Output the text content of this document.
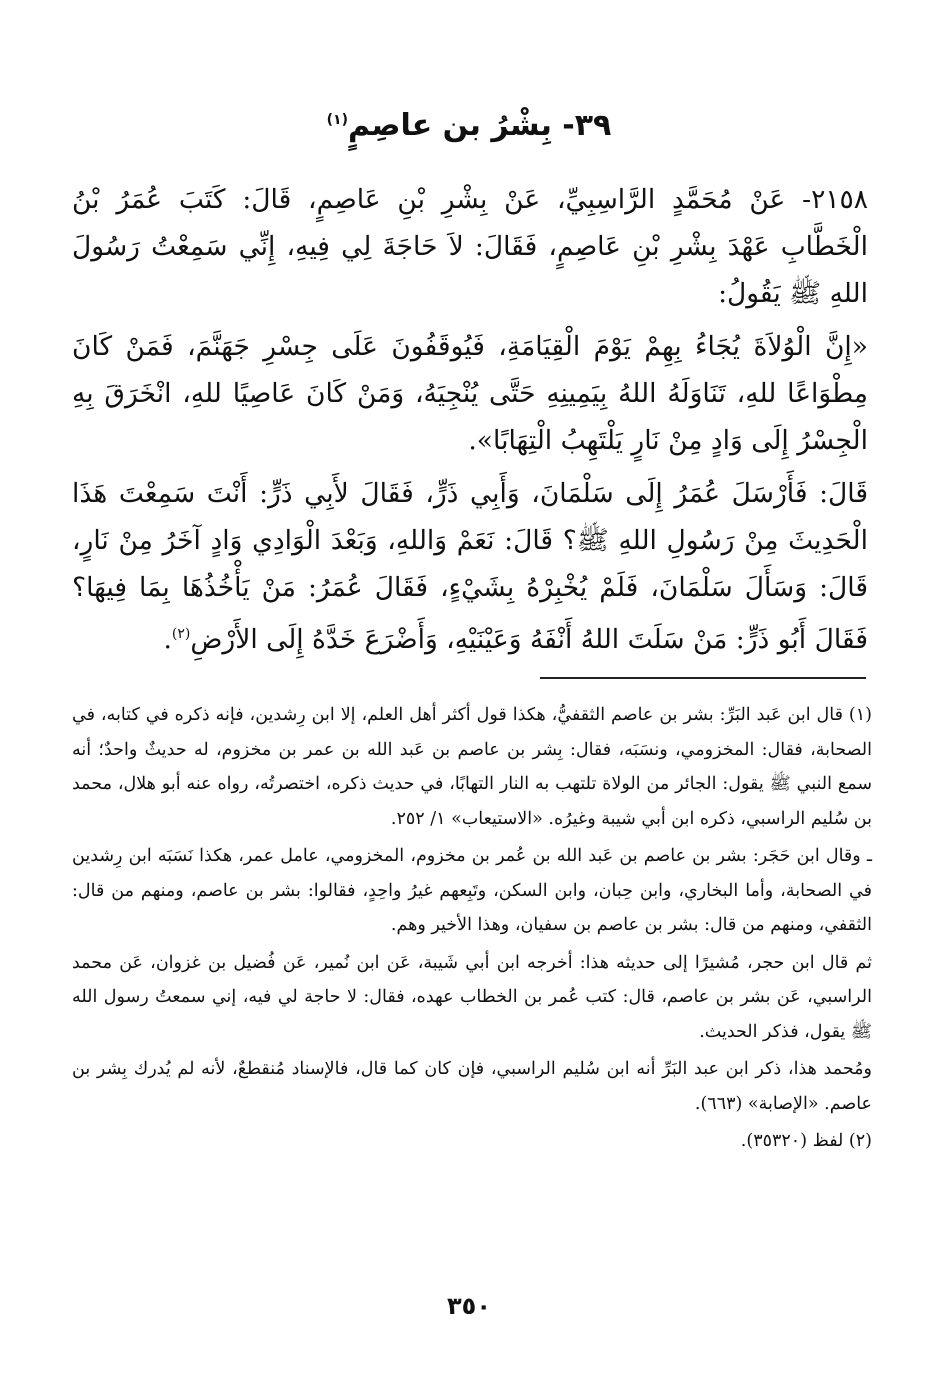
٣٩- بِشْرُ بن عاصِمٍ$^{(١)}$

٢١٥٨- عَنْ مُحَمَّدٍ الرَّاسِبِيِّ، عَنْ بِشْرِ بْنِ عَاصِمٍ، قَالَ: كَتَبَ عُمَرُ بْنُ الْخَطَّابِ عَهْدَ بِشْرِ بْنِ عَاصِمٍ، فَقَالَ: لاَ حَاجَةَ لِي فِيهِ، إِنِّي سَمِعْتُ رَسُولَ اللهِ ﷺ يَقُولُ:

«إِنَّ الْوُلاَةَ يُجَاءُ بِهِمْ يَوْمَ الْقِيَامَةِ، فَيُوقَفُونَ عَلَى جِسْرِ جَهَنَّمَ، فَمَنْ كَانَ مِطْوَاعًا للهِ، تَنَاوَلَهُ اللهُ بِيَمِينِهِ حَتَّى يُنْجِيَهُ، وَمَنْ كَانَ عَاصِيًا للهِ، انْخَرَقَ بِهِ الْجِسْرُ إِلَى وَادٍ مِنْ نَارٍ يَلْتَهِبُ الْتِهَابًا».

قَالَ: فَأَرْسَلَ عُمَرُ إِلَى سَلْمَانَ، وَأَبِي ذَرٍّ، فَقَالَ لأَبِي ذَرٍّ: أَنْتَ سَمِعْتَ هَذَا الْحَدِيثَ مِنْ رَسُولِ اللهِ ﷺ؟ قَالَ: نَعَمْ وَاللهِ، وَبَعْدَ الْوَادِي وَادٍ آخَرُ مِنْ نَارٍ، قَالَ: وَسَأَلَ سَلْمَانَ، فَلَمْ يُخْبِرْهُ بِشَيْءٍ، فَقَالَ عُمَرُ: مَنْ يَأْخُذُهَا بِمَا فِيهَا؟ فَقَالَ أَبُو ذَرٍّ: مَنْ سَلَتَ اللهُ أَنْفَهُ وَعَيْنَيْهِ، وَأَضْرَعَ خَدَّهُ إِلَى الأَرْضِ$^{(٢)}$.

(١) قال ابن عَبد البَرِّ: بشر بن عاصم الثقفيُّ، هكذا قول أكثر أهل العلم، إلا ابن رِشدين، فإنه ذكره في كتابه، في الصحابة، فقال: المخزومي، ونسَبَه، فقال: بِشر بن عاصم بن عَبد الله بن عمر بن مخزوم، له حديثٌ واحدٌ؛ أنه سمع النبي ﷺ يقول: الجائر من الولاة تلتهب به النار التهابًا، في حديث ذكره، اختصرتُه، رواه عنه أبو هلال، محمد بن سُليم الراسبي، ذكره ابن أبي شيبة وغيرُه. «الاستيعاب» ١/ ٢٥٢.

ـ وقال ابن حَجَر: بشر بن عاصم بن عَبد الله بن عُمر بن مخزوم، المخزومي، عامل عمر، هكذا نَسَبَه ابن رِشدين في الصحابة، وأما البخاري، وابن حِبان، وابن السكن، وتَبِعهم غيرُ واحِدٍ، فقالوا: بشر بن عاصم، ومنهم من قال: الثقفي، ومنهم من قال: بشر بن عاصم بن سفيان، وهذا الأخير وهم.

ثم قال ابن حجر، مُشيرًا إلى حديثه هذا: أخرجه ابن أبي شَيبة، عَن ابن نُمير، عَن فُضيل بن غزوان، عَن محمد الراسبي، عَن بشر بن عاصم، قال: كتب عُمر بن الخطاب عهده، فقال: لا حاجة لي فيه، إني سمعتُ رسول الله ﷺ يقول، فذكر الحديث.

ومُحمد هذا، ذكر ابن عبد البَرِّ أنه ابن سُليم الراسبي، فإن كان كما قال، فالإسناد مُنقطعٌ، لأنه لم يُدرك بِشر بن عاصم. «الإصابة» (٦٦٣).

(٢) لفظ (٣٥٣٢٠).

٣٥٠
